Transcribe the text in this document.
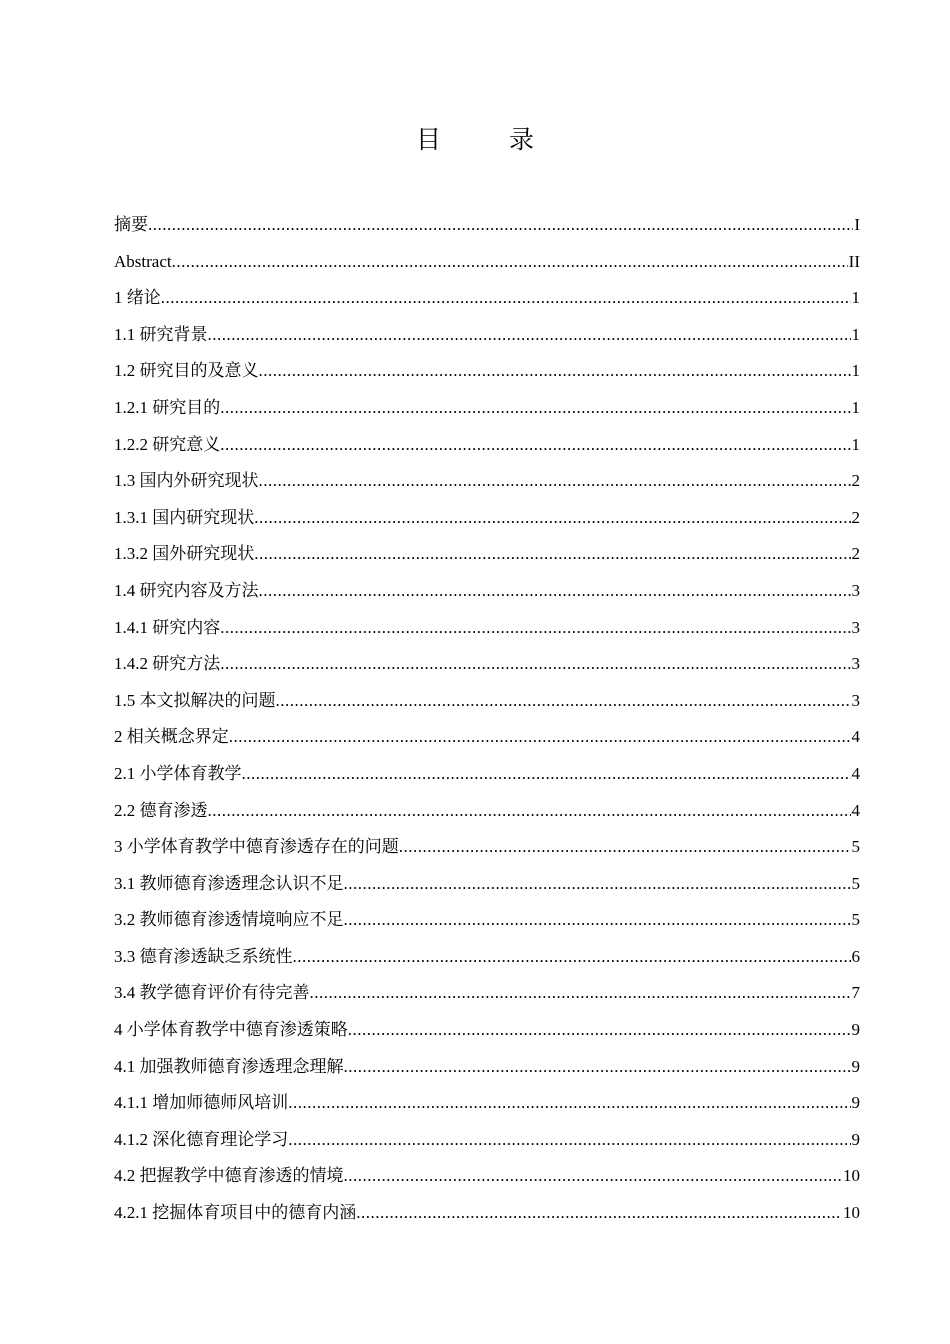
目 录
摘要 .....	I
Abstract .....	II
1 绪论 .....	1
1.1 研究背景 .....	1
1.2 研究目的及意义 .....	1
1.2.1 研究目的 .....	1
1.2.2 研究意义 .....	1
1.3 国内外研究现状 .....	2
1.3.1 国内研究现状 .....	2
1.3.2 国外研究现状 .....	2
1.4 研究内容及方法 .....	3
1.4.1 研究内容 .....	3
1.4.2 研究方法 .....	3
1.5 本文拟解决的问题 .....	3
2 相关概念界定 .....	4
2.1 小学体育教学 .....	4
2.2 德育渗透 .....	4
3 小学体育教学中德育渗透存在的问题 .....	5
3.1 教师德育渗透理念认识不足 .....	5
3.2 教师德育渗透情境响应不足 .....	5
3.3 德育渗透缺乏系统性 .....	6
3.4 教学德育评价有待完善 .....	7
4 小学体育教学中德育渗透策略 .....	9
4.1 加强教师德育渗透理念理解 .....	9
4.1.1 增加师德师风培训 .....	9
4.1.2 深化德育理论学习 .....	9
4.2 把握教学中德育渗透的情境 .....	10
4.2.1 挖掘体育项目中的德育内涵 .....	10
